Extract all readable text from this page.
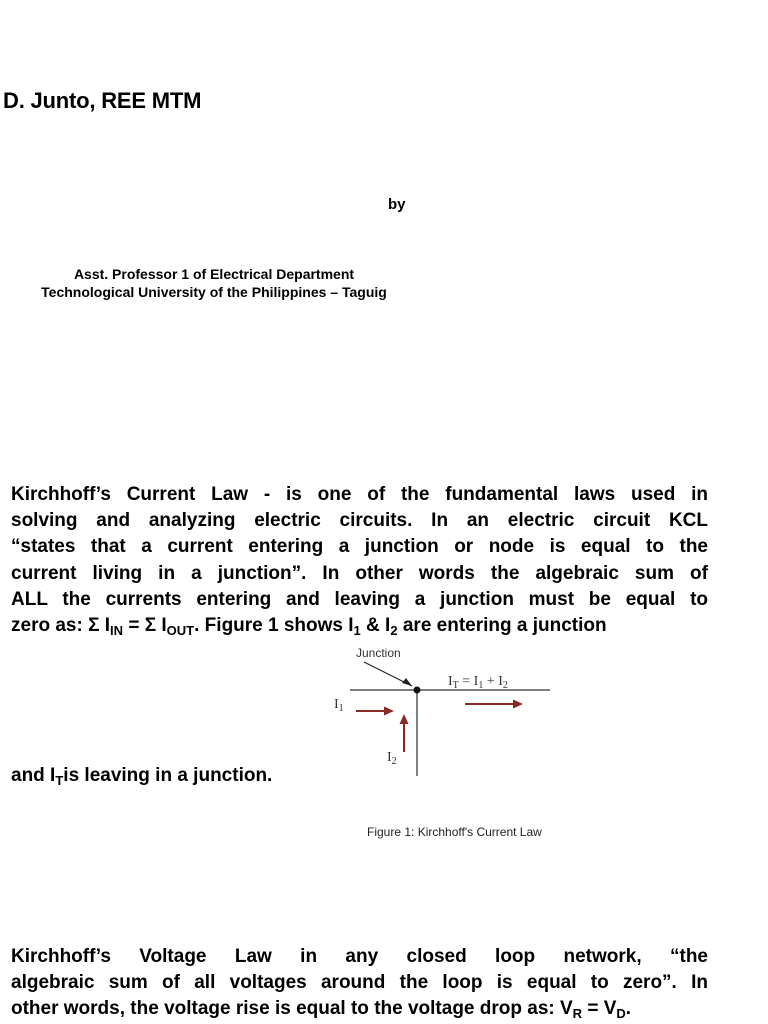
D. Junto, REE MTM
by
Asst. Professor 1 of Electrical Department
Technological University of the Philippines – Taguig
Kirchhoff’s Current Law - is one of the fundamental laws used in
solving and analyzing electric circuits. In an electric circuit KCL
“states that a current entering a junction or node is equal to the
current living in a junction”. In other words the algebraic sum of
ALL the currents entering and leaving a junction must be equal to
zero as: Σ $I_{IN} = \Sigma$ $I_{OUT}$. Figure 1 shows $I_1$ & $I_2$ are entering a junction
Junction
$I_T = I_1 + I_2$
$I_1$
$I_2$
and $I_Tis$ leaving in a junction.
Figure 1: Kirchhoff's Current Law
Kirchhoff’s Voltage Law in any closed loop network, “the
algebraic sum of all voltages around the loop is equal to zero”. In
other words, the voltage rise is equal to the voltage drop as: $V_R = V_D$.
